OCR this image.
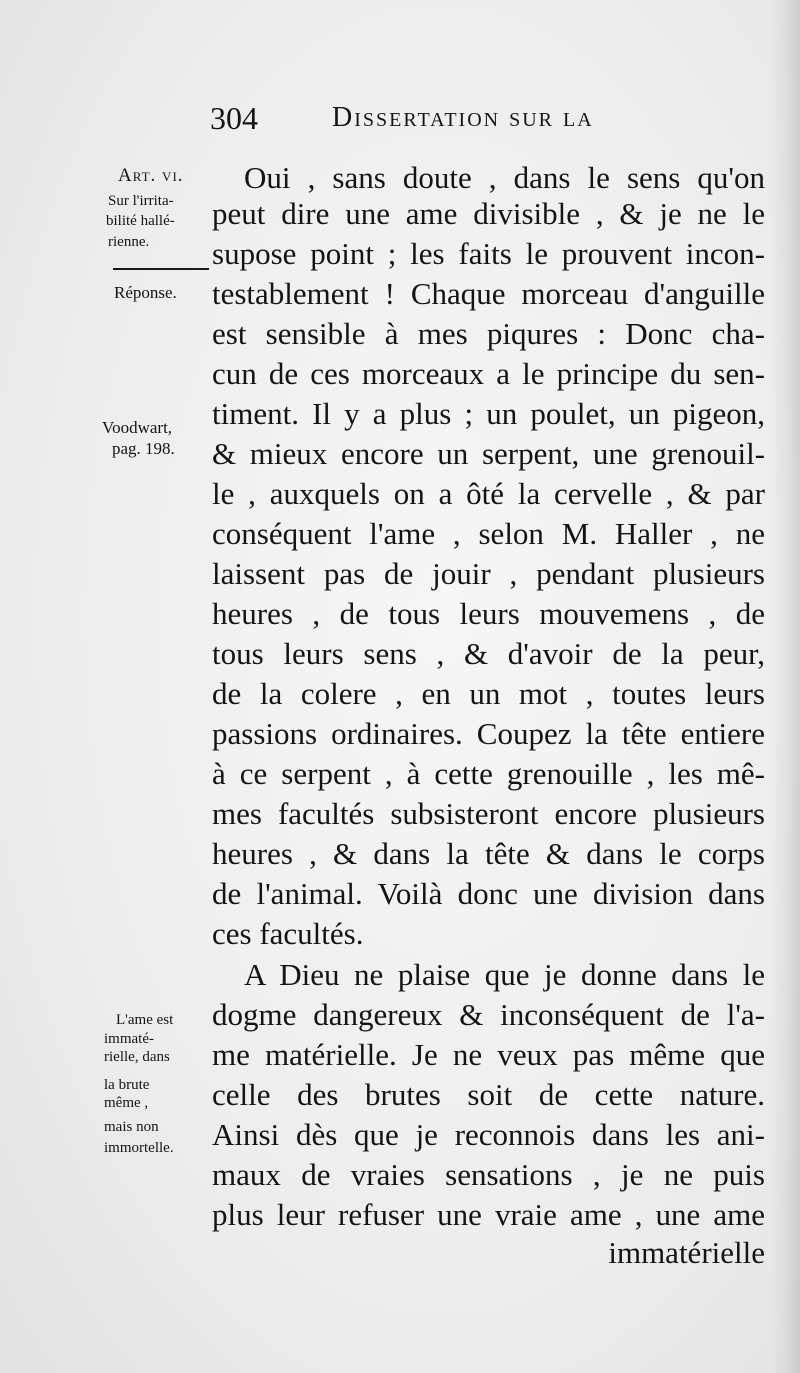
304	Dissertation sur la
Art. vi.
Sur l'irrita-
bilité hallé-
rienne.
Réponse.
Voodwart,
pag. 198.
L'ame est
immaté-
rielle, dans
la brute
même ,
mais non
immortelle.
Oui , sans doute , dans le sens qu'on
peut dire une ame divisible , & je ne le
supose point ; les faits le prouvent incon-
testablement ! Chaque morceau d'anguille
est sensible à mes piqures : Donc cha-
cun de ces morceaux a le principe du sen-
timent. Il y a plus ; un poulet, un pigeon,
& mieux encore un serpent, une grenouil-
le , auxquels on a ôté la cervelle , & par
conséquent l'ame , selon M. Haller , ne
laissent pas de jouir , pendant plusieurs
heures , de tous leurs mouvemens , de
tous leurs sens , & d'avoir de la peur,
de la colere , en un mot , toutes leurs
passions ordinaires. Coupez la tête entiere
à ce serpent , à cette grenouille , les mê-
mes facultés subsisteront encore plusieurs
heures , & dans la tête & dans le corps
de l'animal. Voilà donc une division dans
ces facultés.
A Dieu ne plaise que je donne dans le
dogme dangereux & inconséquent de l'a-
me matérielle. Je ne veux pas même que
celle des brutes soit de cette nature.
Ainsi dès que je reconnois dans les ani-
maux de vraies sensations , je ne puis
plus leur refuser une vraie ame , une ame
immatérielle
